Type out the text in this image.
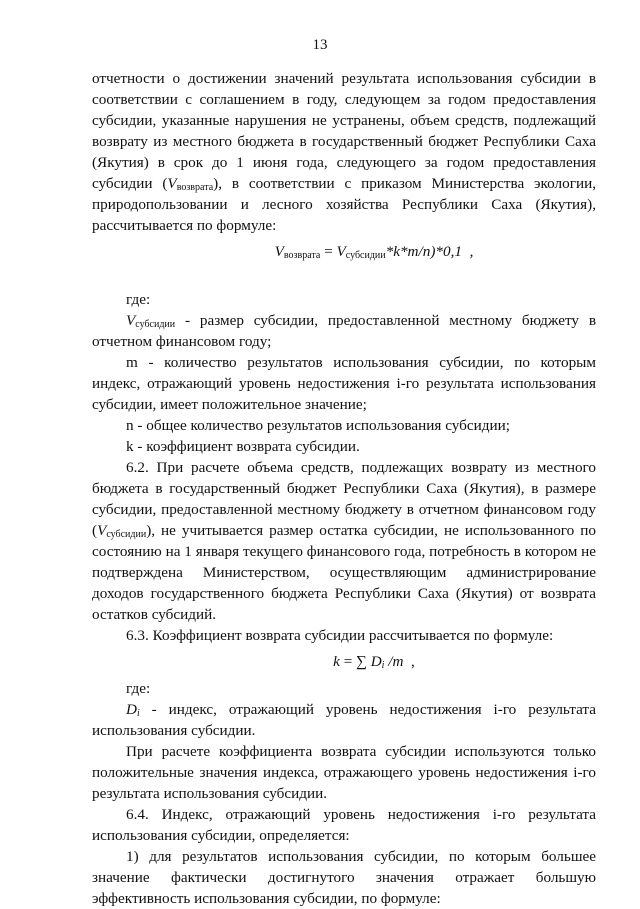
13
отчетности о достижении значений результата использования субсидии в
соответствии с соглашением в году, следующем за годом предоставления
субсидии, указанные нарушения не устранены, объем средств, подлежащий
возврату из местного бюджета в государственный бюджет Республики Саха
(Якутия) в срок до 1 июня года, следующего за годом предоставления
субсидии $(V_{возврата})$, в соответствии с приказом Министерства экологии,
природопользовании и лесного хозяйства Республики Саха (Якутия),
рассчитывается по формуле:
$V_{возврата} = V_{субсидии}*k*m/n)*0,1$  ,
где:
$V_{субсидии}$ - размер субсидии, предоставленной местному бюджету в
отчетном финансовом году;
m - количество результатов использования субсидии, по которым
индекс, отражающий уровень недостижения i-го результата использования
субсидии, имеет положительное значение;
n - общее количество результатов использования субсидии;
k - коэффициент возврата субсидии.
6.2. При расчете объема средств, подлежащих возврату из местного
бюджета в государственный бюджет Республики Саха (Якутия), в размере
субсидии, предоставленной местному бюджету в отчетном финансовом году
$(V_{субсидии})$, не учитывается размер остатка субсидии, не использованного по
состоянию на 1 января текущего финансового года, потребность в котором не
подтверждена Министерством, осуществляющим администрирование
доходов государственного бюджета Республики Саха (Якутия) от возврата
остатков субсидий.
6.3. Коэффициент возврата субсидии рассчитывается по формуле:
k = ∑ $D_i$ /m  ,
где:
$D_i$ - индекс, отражающий уровень недостижения i-го результата
использования субсидии.
При расчете коэффициента возврата субсидии используются только
положительные значения индекса, отражающего уровень недостижения i-го
результата использования субсидии.
6.4. Индекс, отражающий уровень недостижения i-го результата
использования субсидии, определяется:
1) для результатов использования субсидии, по которым большее
значение фактически достигнутого значения отражает большую
эффективность использования субсидии, по формуле:
